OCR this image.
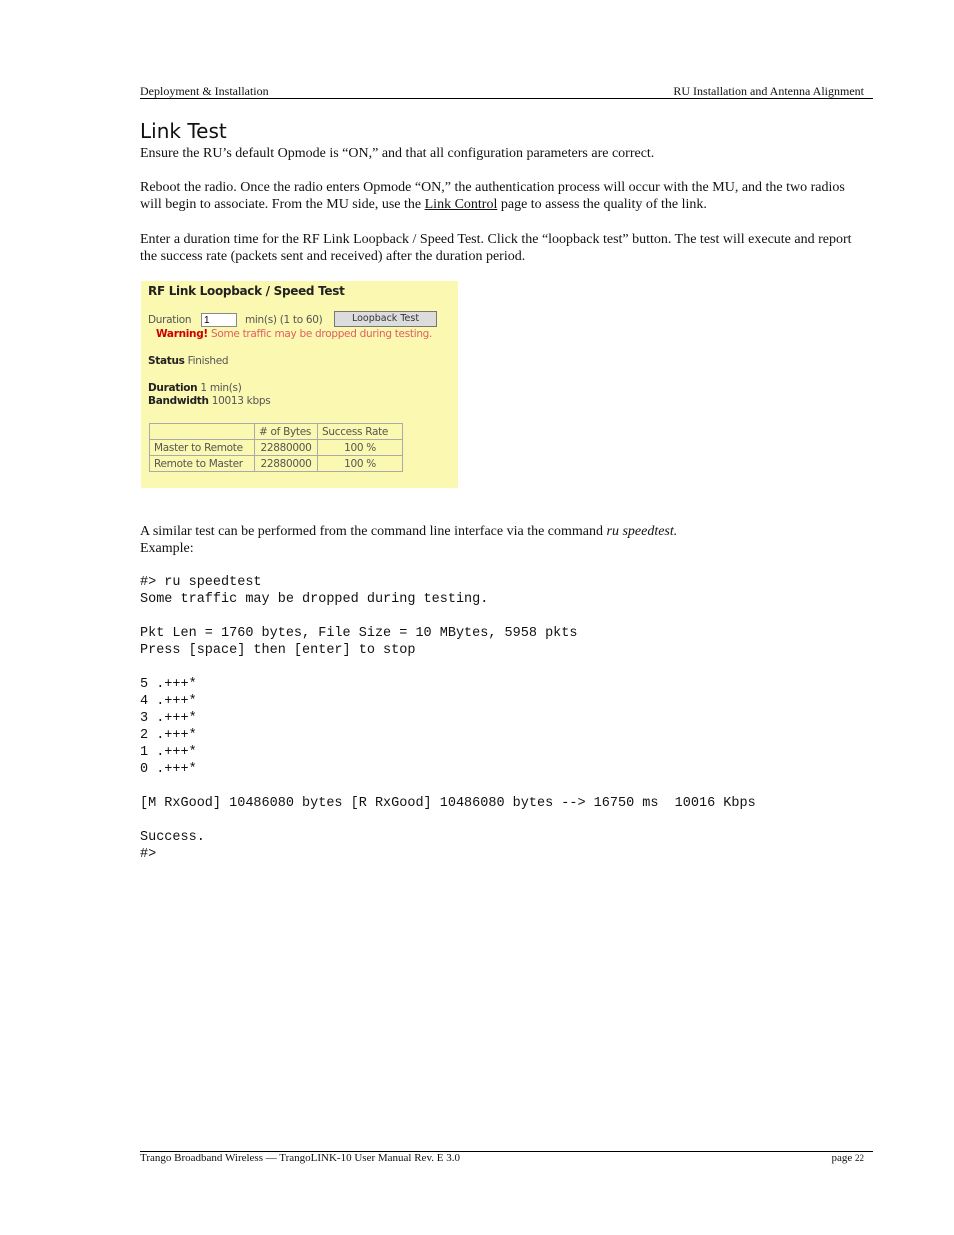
Deployment & Installation	RU Installation and Antenna Alignment
Link Test
Ensure the RU’s default Opmode is “ON,” and that all configuration parameters are correct.
Reboot the radio. Once the radio enters Opmode “ON,” the authentication process will occur with the MU, and the two radios will begin to associate. From the MU side, use the Link Control page to assess the quality of the link.
Enter a duration time for the RF Link Loopback / Speed Test. Click the “loopback test” button. The test will execute and report the success rate (packets sent and received) after the duration period.
RF Link Loopback / Speed Test
Duration
1	min(s) (1 to 60)	Loopback Test
Warning! Some traffic may be dropped during testing.
Status Finished
Duration 1 min(s)
Bandwidth 10013 kbps
	# of Bytes	Success Rate
Master to Remote	22880000	100 %
Remote to Master	22880000	100 %
A similar test can be performed from the command line interface via the command ru speedtest.
Example:
#> ru speedtest
Some traffic may be dropped during testing.

Pkt Len = 1760 bytes, File Size = 10 MBytes, 5958 pkts
Press [space] then [enter] to stop

5 .+++*
4 .+++*
3 .+++*
2 .+++*
1 .+++*
0 .+++*

[M RxGood] 10486080 bytes [R RxGood] 10486080 bytes --> 16750 ms  10016 Kbps

Success.
#>
Trango Broadband Wireless — TrangoLINK-10 User Manual Rev. E 3.0	page 22
